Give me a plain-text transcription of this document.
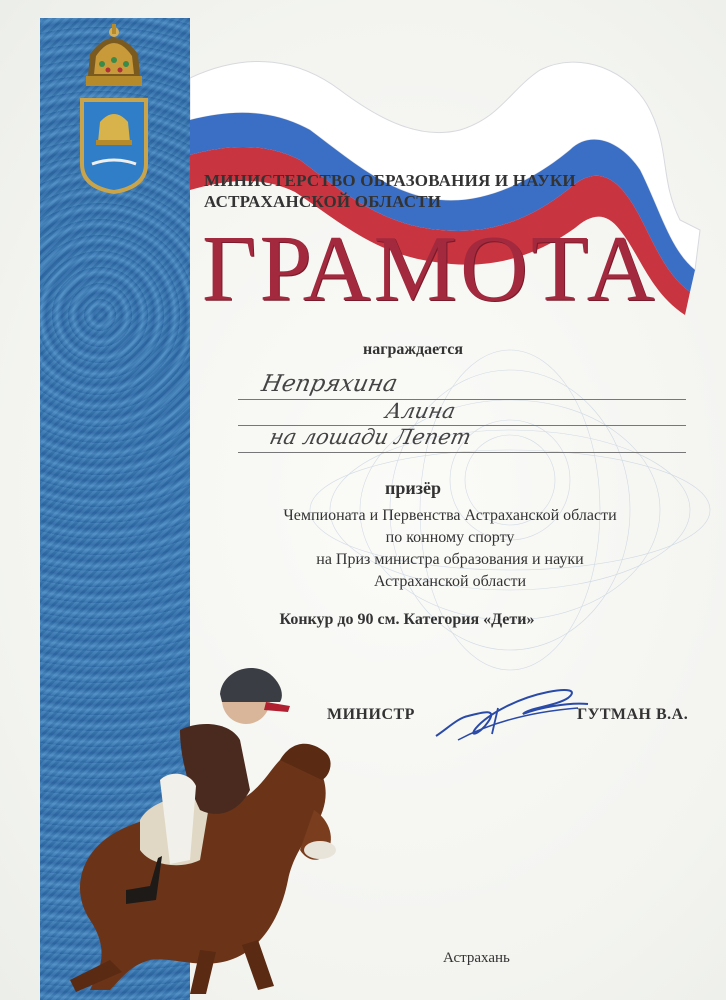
МИНИСТЕРСТВО ОБРАЗОВАНИЯ И НАУКИ
АСТРАХАНСКОЙ ОБЛАСТИ
ГРАМОТА
награждается
Непряхина
Алина
на лошади Лепет
призёр
Чемпионата и Первенства Астраханской области
по конному спорту
на Приз министра образования и науки
Астраханской области
Конкур до 90 см. Категория «Дети»
МИНИСТР	ГУТМАН В.А.
Астрахань
